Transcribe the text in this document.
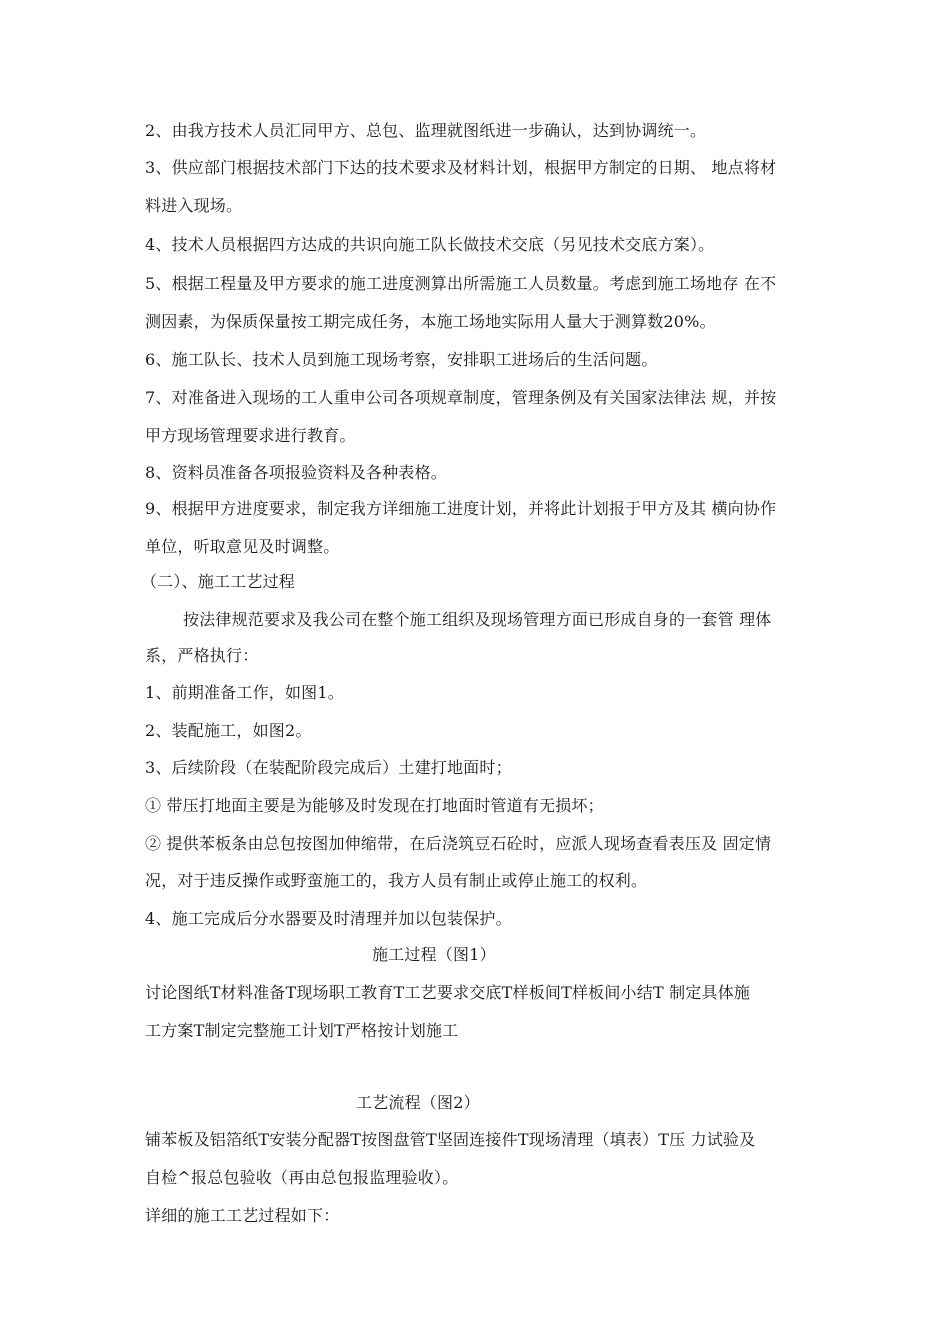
2、由我方技术人员汇同甲方、总包、监理就图纸进一步确认，达到协调统一。
3、供应部门根据技术部门下达的技术要求及材料计划，根据甲方制定的日期、 地点将材
料进入现场。
4、技术人员根据四方达成的共识向施工队长做技术交底（另见技术交底方案）。
5、根据工程量及甲方要求的施工进度测算出所需施工人员数量。考虑到施工场地存 在不
测因素，为保质保量按工期完成任务，本施工场地实际用人量大于测算数20%。
6、施工队长、技术人员到施工现场考察，安排职工进场后的生活问题。
7、对准备进入现场的工人重申公司各项规章制度，管理条例及有关国家法律法 规，并按
甲方现场管理要求进行教育。
8、资料员准备各项报验资料及各种表格。
9、根据甲方进度要求，制定我方详细施工进度计划，并将此计划报于甲方及其 横向协作
单位，听取意见及时调整。
（二）、施工工艺过程
按法律规范要求及我公司在整个施工组织及现场管理方面已形成自身的一套管 理体
系，严格执行：
1、前期准备工作，如图1。
2、装配施工，如图2。
3、后续阶段（在装配阶段完成后）土建打地面时；
① 带压打地面主要是为能够及时发现在打地面时管道有无损坏；
② 提供苯板条由总包按图加伸缩带，在后浇筑豆石砼时，应派人现场查看表压及 固定情
况，对于违反操作或野蛮施工的，我方人员有制止或停止施工的权利。
4、施工完成后分水器要及时清理并加以包装保护。
施工过程（图1）
讨论图纸T材料准备T现场职工教育T工艺要求交底T样板间T样板间小结T 制定具体施
工方案T制定完整施工计划T严格按计划施工
工艺流程（图2）
铺苯板及铝箔纸T安装分配器T按图盘管T坚固连接件T现场清理（填表）T压 力试验及
自检^报总包验收（再由总包报监理验收）。
详细的施工工艺过程如下：
